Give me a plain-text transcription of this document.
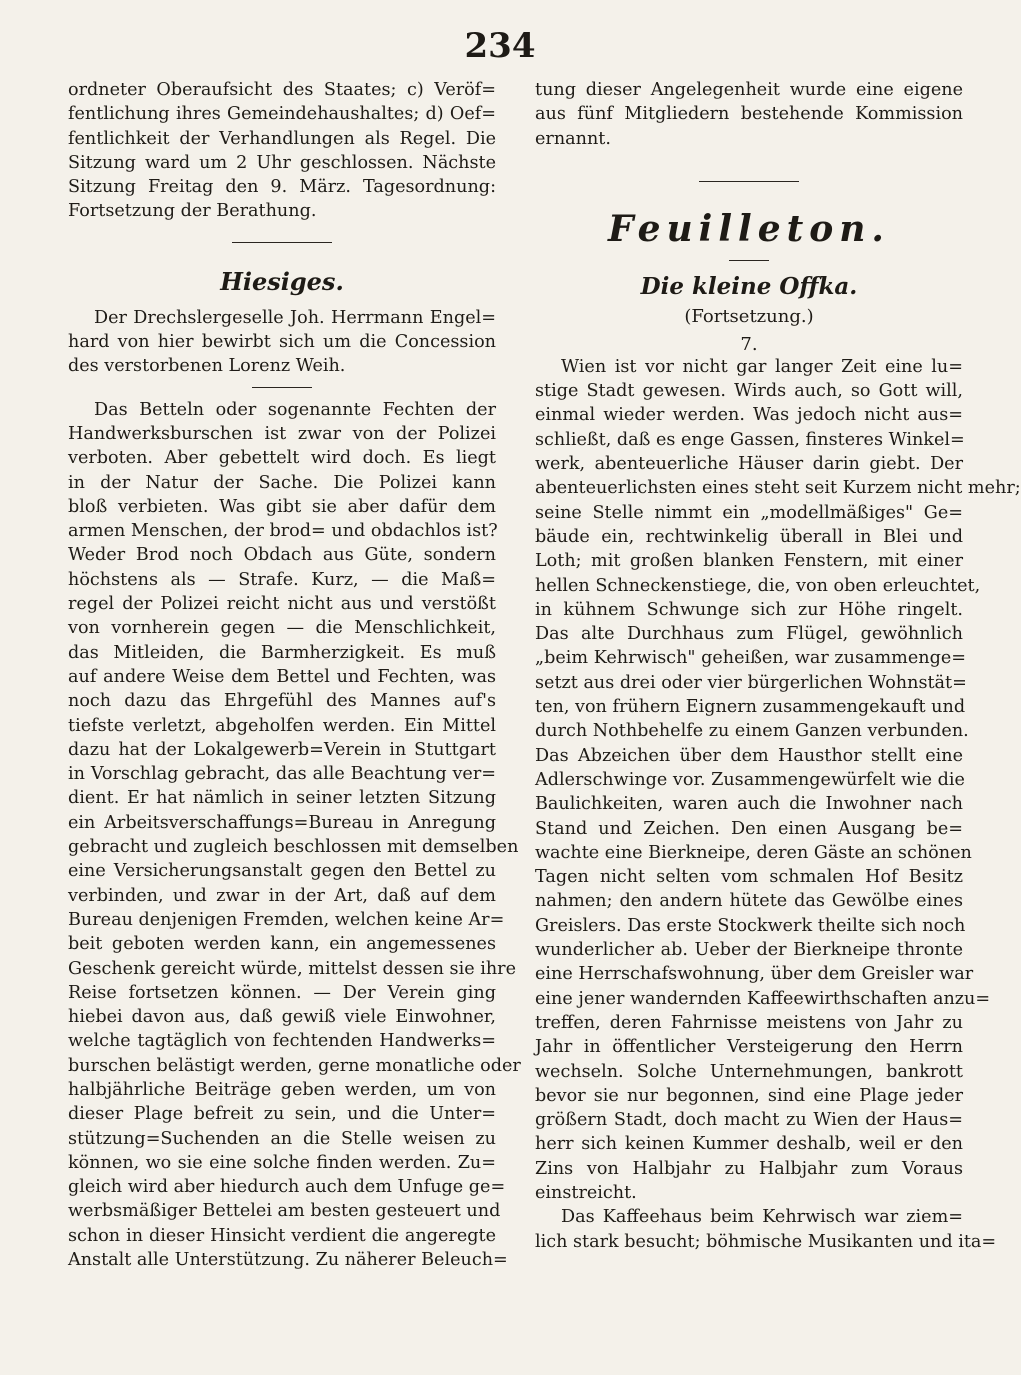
234
ordneter Oberaufsicht des Staates; c) Veröf=
fentlichung ihres Gemeindehaushaltes; d) Oef=
fentlichkeit der Verhandlungen als Regel. Die
Sitzung ward um 2 Uhr geschlossen. Nächste
Sitzung Freitag den 9. März. Tagesordnung:
Fortsetzung der Berathung.
Hiesiges.
Der Drechslergeselle Joh. Herrmann Engel=
hard von hier bewirbt sich um die Concession
des verstorbenen Lorenz Weih.
Das Betteln oder sogenannte Fechten der
Handwerksburschen ist zwar von der Polizei
verboten. Aber gebettelt wird doch. Es liegt
in der Natur der Sache. Die Polizei kann
bloß verbieten. Was gibt sie aber dafür dem
armen Menschen, der brod= und obdachlos ist?
Weder Brod noch Obdach aus Güte, sondern
höchstens als — Strafe. Kurz, — die Maß=
regel der Polizei reicht nicht aus und verstößt
von vornherein gegen — die Menschlichkeit,
das Mitleiden, die Barmherzigkeit. Es muß
auf andere Weise dem Bettel und Fechten, was
noch dazu das Ehrgefühl des Mannes auf's
tiefste verletzt, abgeholfen werden. Ein Mittel
dazu hat der Lokalgewerb=Verein in Stuttgart
in Vorschlag gebracht, das alle Beachtung ver=
dient. Er hat nämlich in seiner letzten Sitzung
ein Arbeitsverschaffungs=Bureau in Anregung
gebracht und zugleich beschlossen mit demselben
eine Versicherungsanstalt gegen den Bettel zu
verbinden, und zwar in der Art, daß auf dem
Bureau denjenigen Fremden, welchen keine Ar=
beit geboten werden kann, ein angemessenes
Geschenk gereicht würde, mittelst dessen sie ihre
Reise fortsetzen können. — Der Verein ging
hiebei davon aus, daß gewiß viele Einwohner,
welche tagtäglich von fechtenden Handwerks=
burschen belästigt werden, gerne monatliche oder
halbjährliche Beiträge geben werden, um von
dieser Plage befreit zu sein, und die Unter=
stützung=Suchenden an die Stelle weisen zu
können, wo sie eine solche finden werden. Zu=
gleich wird aber hiedurch auch dem Unfuge ge=
werbsmäßiger Bettelei am besten gesteuert und
schon in dieser Hinsicht verdient die angeregte
Anstalt alle Unterstützung. Zu näherer Beleuch=
tung dieser Angelegenheit wurde eine eigene
aus fünf Mitgliedern bestehende Kommission
ernannt.
Feuilleton.
Die kleine Offka.
(Fortsetzung.)
7.
Wien ist vor nicht gar langer Zeit eine lu=
stige Stadt gewesen. Wirds auch, so Gott will,
einmal wieder werden. Was jedoch nicht aus=
schließt, daß es enge Gassen, finsteres Winkel=
werk, abenteuerliche Häuser darin giebt. Der
abenteuerlichsten eines steht seit Kurzem nicht mehr;
seine Stelle nimmt ein „modellmäßiges" Ge=
bäude ein, rechtwinkelig überall in Blei und
Loth; mit großen blanken Fenstern, mit einer
hellen Schneckenstiege, die, von oben erleuchtet,
in kühnem Schwunge sich zur Höhe ringelt.
Das alte Durchhaus zum Flügel, gewöhnlich
„beim Kehrwisch" geheißen, war zusammenge=
setzt aus drei oder vier bürgerlichen Wohnstät=
ten, von frühern Eignern zusammengekauft und
durch Nothbehelfe zu einem Ganzen verbunden.
Das Abzeichen über dem Hausthor stellt eine
Adlerschwinge vor. Zusammengewürfelt wie die
Baulichkeiten, waren auch die Inwohner nach
Stand und Zeichen. Den einen Ausgang be=
wachte eine Bierkneipe, deren Gäste an schönen
Tagen nicht selten vom schmalen Hof Besitz
nahmen; den andern hütete das Gewölbe eines
Greislers. Das erste Stockwerk theilte sich noch
wunderlicher ab. Ueber der Bierkneipe thronte
eine Herrschafswohnung, über dem Greisler war
eine jener wandernden Kaffeewirthschaften anzu=
treffen, deren Fahrnisse meistens von Jahr zu
Jahr in öffentlicher Versteigerung den Herrn
wechseln. Solche Unternehmungen, bankrott
bevor sie nur begonnen, sind eine Plage jeder
größern Stadt, doch macht zu Wien der Haus=
herr sich keinen Kummer deshalb, weil er den
Zins von Halbjahr zu Halbjahr zum Voraus
einstreicht.
Das Kaffeehaus beim Kehrwisch war ziem=
lich stark besucht; böhmische Musikanten und ita=
